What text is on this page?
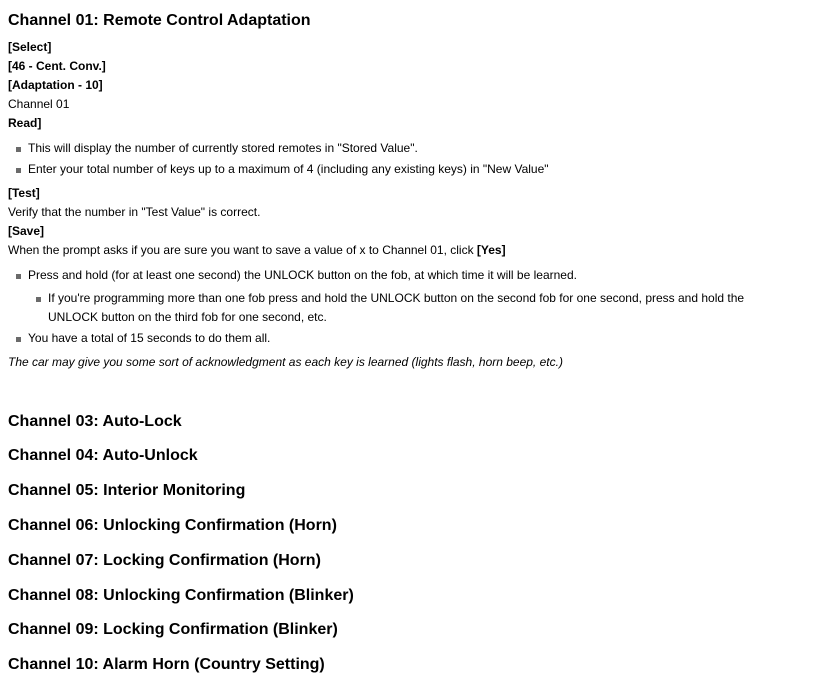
Channel 01: Remote Control Adaptation
[Select]
[46 - Cent. Conv.]
[Adaptation - 10]
Channel 01
Read]
This will display the number of currently stored remotes in "Stored Value".
Enter your total number of keys up to a maximum of 4 (including any existing keys) in "New Value"
[Test]
Verify that the number in "Test Value" is correct.
[Save]
When the prompt asks if you are sure you want to save a value of x to Channel 01, click [Yes]
Press and hold (for at least one second) the UNLOCK button on the fob, at which time it will be learned.
If you're programming more than one fob press and hold the UNLOCK button on the second fob for one second, press and hold the UNLOCK button on the third fob for one second, etc.
You have a total of 15 seconds to do them all.
The car may give you some sort of acknowledgment as each key is learned (lights flash, horn beep, etc.)
Channel 03: Auto-Lock
Channel 04: Auto-Unlock
Channel 05: Interior Monitoring
Channel 06: Unlocking Confirmation (Horn)
Channel 07: Locking Confirmation (Horn)
Channel 08: Unlocking Confirmation (Blinker)
Channel 09: Locking Confirmation (Blinker)
Channel 10: Alarm Horn (Country Setting)
